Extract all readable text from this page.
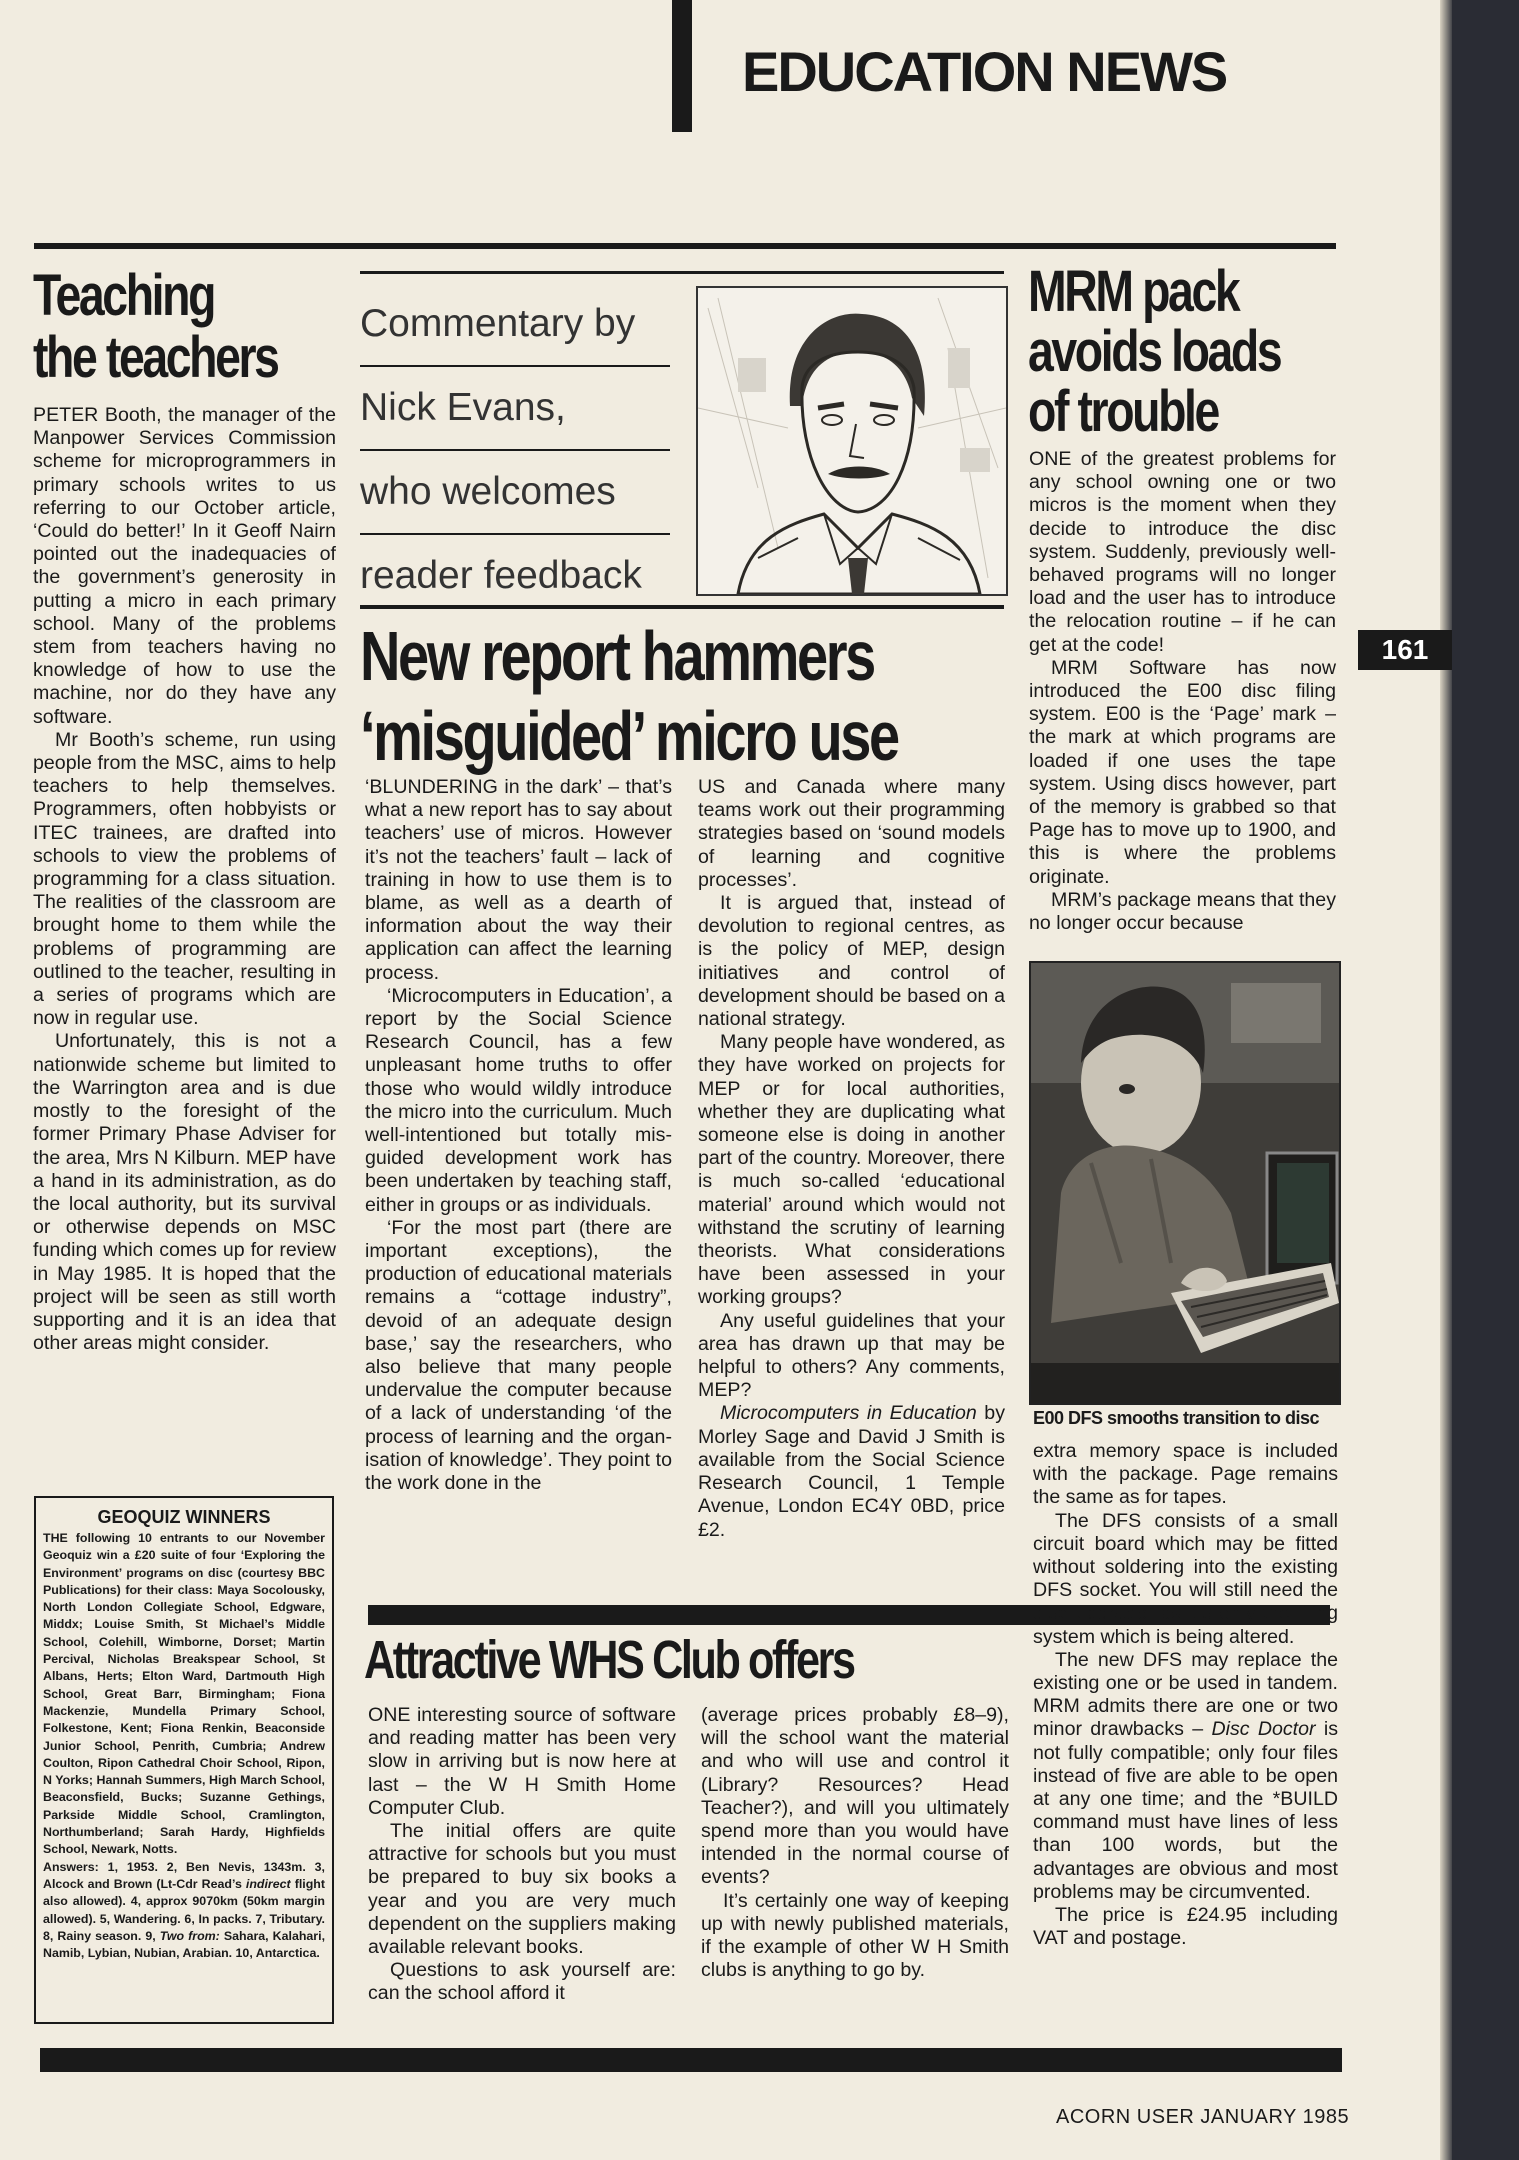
EDUCATION NEWS
161
Teaching
the teachers

PETER Booth, the manager of the Manpower Services Commission scheme for microprogrammers in primary schools writes to us referring to our October article, ‘Could do better!’ In it Geoff Nairn pointed out the inadequacies of the government’s generosity in putting a micro in each primary school. Many of the problems stem from teachers having no knowledge of how to use the machine, nor do they have any software.

Mr Booth’s scheme, run using people from the MSC, aims to help teachers to help themselves. Programmers, often hobbyists or ITEC trainees, are drafted into schools to view the problems of programming for a class situation. The realities of the classroom are brought home to them while the problems of programming are outlined to the teacher, resulting in a series of programs which are now in regular use.

Unfortunately, this is not a nationwide scheme but limited to the Warrington area and is due mostly to the foresight of the former Primary Phase Adviser for the area, Mrs N Kilburn. MEP have a hand in its administration, as do the local authority, but its survival or otherwise depends on MSC funding which comes up for review in May 1985. It is hoped that the project will be seen as still worth supporting and it is an idea that other areas might consider.

GEOQUIZ WINNERS

THE following 10 entrants to our November Geoquiz win a £20 suite of four ‘Exploring the Environment’ programs on disc (courtesy BBC Publications) for their class: Maya Socolousky, North London Collegiate School, Edgware, Middx; Louise Smith, St Michael’s Middle School, Colehill, Wimborne, Dorset; Martin Percival, Nicholas Breakspear School, St Albans, Herts; Elton Ward, Dartmouth High School, Great Barr, Birmingham; Fiona Mackenzie, Mundella Primary School, Folkestone, Kent; Fiona Renkin, Beaconside Junior School, Penrith, Cumbria; Andrew Coulton, Ripon Cathedral Choir School, Ripon, N Yorks; Hannah Summers, High March School, Beaconsfield, Bucks; Suzanne Gethings, Parkside Middle School, Cramlington, Northumberland; Sarah Hardy, Highfields School, Newark, Notts.

Answers: 1, 1953. 2, Ben Nevis, 1343m. 3, Alcock and Brown (Lt-Cdr Read’s indirect flight also allowed). 4, approx 9070km (50km margin allowed). 5, Wandering. 6, In packs. 7, Tributary. 8, Rainy season. 9, Two from: Sahara, Kalahari, Namib, Lybian, Nubian, Arabian. 10, Antarctica.

Commentary by
Nick Evans,
who welcomes
reader feedback
New report hammers
‘misguided’ micro use

‘BLUNDERING in the dark’ – that’s what a new report has to say about teachers’ use of micros. However it’s not the teachers’ fault – lack of training in how to use them is to blame, as well as a dearth of information about the way their application can affect the learning process.

‘Microcomputers in Education’, a report by the Social Science Research Council, has a few unpleasant home truths to offer those who would wildly introduce the micro into the curriculum. Much well-intentioned but totally misguided development work has been undertaken by teaching staff, either in groups or as individuals.

‘For the most part (there are important exceptions), the production of educational materials remains a “cottage industry”, devoid of an adequate design base,’ say the researchers, who also believe that many people undervalue the computer because of a lack of understanding ‘of the process of learning and the organisation of knowledge’. They point to the work done in the

US and Canada where many teams work out their programming strategies based on ‘sound models of learning and cognitive processes’.

It is argued that, instead of devolution to regional centres, as is the policy of MEP, design initiatives and control of development should be based on a national strategy.

Many people have wondered, as they have worked on projects for MEP or for local authorities, whether they are duplicating what someone else is doing in another part of the country. Moreover, there is much so-called ‘educational material’ around which would not withstand the scrutiny of learning theorists. What considerations have been assessed in your working groups?

Any useful guidelines that your area has drawn up that may be helpful to others? Any comments, MEP?

Microcomputers in Education by Morley Sage and David J Smith is available from the Social Science Research Council, 1 Temple Avenue, London EC4Y 0BD, price £2.

Attractive WHS Club offers

ONE interesting source of software and reading matter has been very slow in arriving but is now here at last – the W H Smith Home Computer Club.

The initial offers are quite attractive for schools but you must be prepared to buy six books a year and you are very much dependent on the suppliers making available relevant books.

Questions to ask yourself are: can the school afford it

(average prices probably £8–9), will the school want the material and who will use and control it (Library? Resources? Head Teacher?), and will you ultimately spend more than you would have intended in the normal course of events?

It’s certainly one way of keeping up with newly published materials, if the example of other W H Smith clubs is anything to go by.

MRM pack
avoids loads
of trouble

ONE of the greatest problems for any school owning one or two micros is the moment when they decide to introduce the disc system. Suddenly, previously well-behaved programs will no longer load and the user has to introduce the relocation routine – if he can get at the code!

MRM Software has now introduced the E00 disc filing system. E00 is the ‘Page’ mark – the mark at which programs are loaded if one uses the tape system. Using discs however, part of the memory is grabbed so that Page has to move up to 1900, and this is where the problems originate.

MRM’s package means that they no longer occur because

E00 DFS smooths transition to disc

extra memory space is included with the package. Page remains the same as for tapes.

The DFS consists of a small circuit board which may be fitted without soldering into the existing DFS socket. You will still need the disc upgrade, as it’s only the filing system which is being altered.

The new DFS may replace the existing one or be used in tandem. MRM admits there are one or two minor drawbacks – Disc Doctor is not fully compatible; only four files instead of five are able to be open at any one time; and the *BUILD command must have lines of less than 100 words, but the advantages are obvious and most problems may be circumvented.

The price is £24.95 including VAT and postage.

ACORN USER JANUARY 1985
